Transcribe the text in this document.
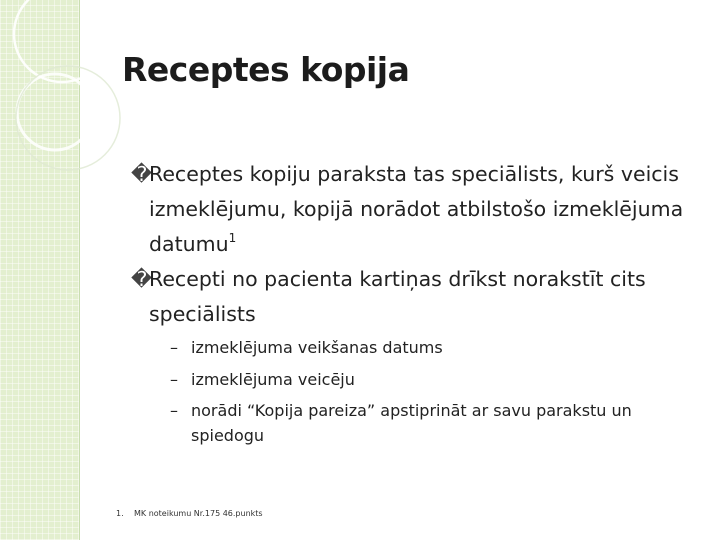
Receptes kopija
�Receptes kopiju paraksta tas speciālists, kurš veicis izmeklējumu, kopijā norādot atbilstošo izmeklējuma datumu$^1$
�Recepti no pacienta kartiņas drīkst norakstīt cits speciālists
– izmeklējuma veikšanas datums
– izmeklējuma veicēju
– norādi “Kopija pareiza” apstiprināt ar savu parakstu un spiedogu
1. MK noteikumu Nr.175 46.punkts
